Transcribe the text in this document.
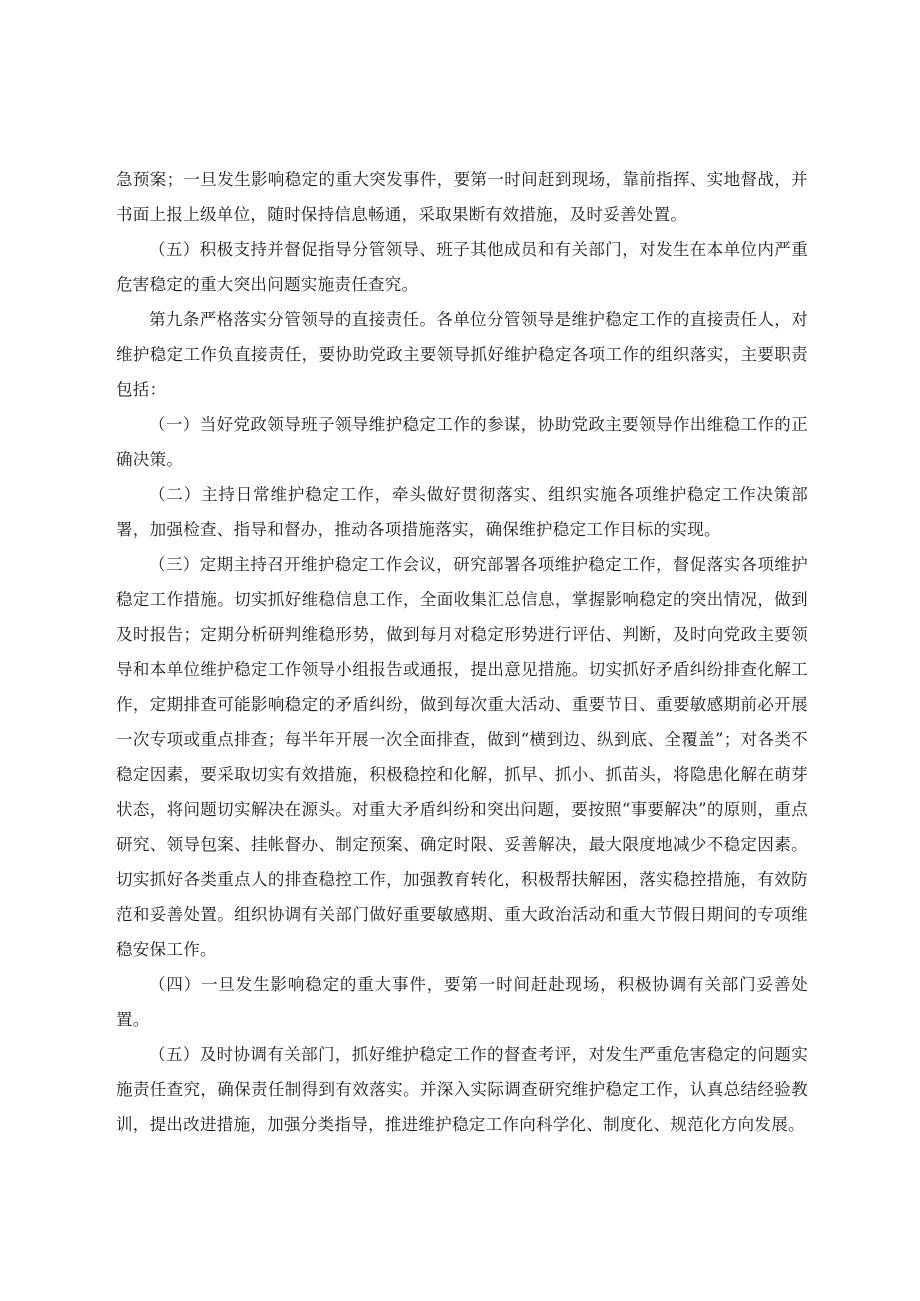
急预案；一旦发生影响稳定的重大突发事件，要第一时间赶到现场，靠前指挥、实地督战，并书面上报上级单位，随时保持信息畅通，采取果断有效措施，及时妥善处置。

（五）积极支持并督促指导分管领导、班子其他成员和有关部门，对发生在本单位内严重危害稳定的重大突出问题实施责任查究。

第九条严格落实分管领导的直接责任。各单位分管领导是维护稳定工作的直接责任人，对维护稳定工作负直接责任，要协助党政主要领导抓好维护稳定各项工作的组织落实，主要职责包括：

（一）当好党政领导班子领导维护稳定工作的参谋，协助党政主要领导作出维稳工作的正确决策。

（二）主持日常维护稳定工作，牵头做好贯彻落实、组织实施各项维护稳定工作决策部署，加强检查、指导和督办，推动各项措施落实，确保维护稳定工作目标的实现。

（三）定期主持召开维护稳定工作会议，研究部署各项维护稳定工作，督促落实各项维护稳定工作措施。切实抓好维稳信息工作，全面收集汇总信息，掌握影响稳定的突出情况，做到及时报告；定期分析研判维稳形势，做到每月对稳定形势进行评估、判断，及时向党政主要领导和本单位维护稳定工作领导小组报告或通报，提出意见措施。切实抓好矛盾纠纷排查化解工作，定期排查可能影响稳定的矛盾纠纷，做到每次重大活动、重要节日、重要敏感期前必开展一次专项或重点排查；每半年开展一次全面排查，做到“横到边、纵到底、全覆盖”；对各类不稳定因素，要采取切实有效措施，积极稳控和化解，抓早、抓小、抓苗头，将隐患化解在萌芽状态，将问题切实解决在源头。对重大矛盾纠纷和突出问题，要按照“事要解决”的原则，重点研究、领导包案、挂帐督办、制定预案、确定时限、妥善解决，最大限度地减少不稳定因素。切实抓好各类重点人的排查稳控工作，加强教育转化，积极帮扶解困，落实稳控措施，有效防范和妥善处置。组织协调有关部门做好重要敏感期、重大政治活动和重大节假日期间的专项维稳安保工作。

（四）一旦发生影响稳定的重大事件，要第一时间赶赴现场，积极协调有关部门妥善处置。

（五）及时协调有关部门，抓好维护稳定工作的督查考评，对发生严重危害稳定的问题实施责任查究，确保责任制得到有效落实。并深入实际调查研究维护稳定工作，认真总结经验教训，提出改进措施，加强分类指导，推进维护稳定工作向科学化、制度化、规范化方向发展。
